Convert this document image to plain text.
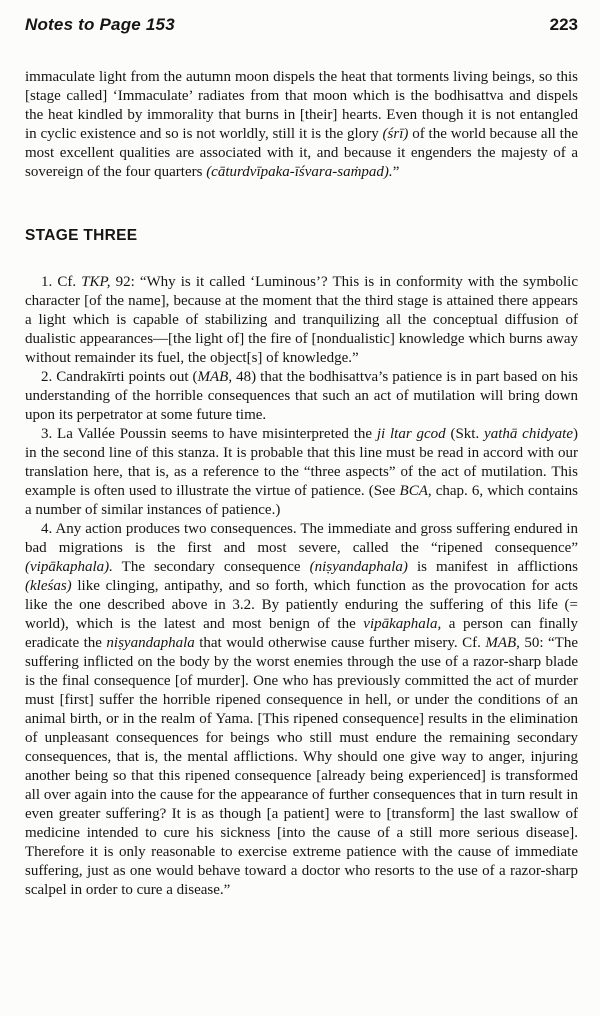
Notes to Page 153	223

immaculate light from the autumn moon dispels the heat that torments living beings, so this [stage called] ‘Immaculate’ radiates from that moon which is the bodhisattva and dispels the heat kindled by immorality that burns in [their] hearts. Even though it is not entangled in cyclic existence and so is not worldly, still it is the glory (śrī) of the world because all the most excellent qualities are associated with it, and because it engenders the majesty of a sovereign of the four quarters (cāturdvīpaka-īśvara-saṁpad).”

STAGE THREE

1. Cf. TKP, 92: “Why is it called ‘Luminous’? This is in conformity with the symbolic character [of the name], because at the moment that the third stage is attained there appears a light which is capable of stabilizing and tranquilizing all the conceptual diffusion of dualistic appearances—[the light of] the fire of [nondualistic] knowledge which burns away without remainder its fuel, the object[s] of knowledge.”

2. Candrakīrti points out (MAB, 48) that the bodhisattva’s patience is in part based on his understanding of the horrible consequences that such an act of mutilation will bring down upon its perpetrator at some future time.

3. La Vallée Poussin seems to have misinterpreted the ji ltar gcod (Skt. yathā chidyate) in the second line of this stanza. It is probable that this line must be read in accord with our translation here, that is, as a reference to the “three aspects” of the act of mutilation. This example is often used to illustrate the virtue of patience. (See BCA, chap. 6, which contains a number of similar instances of patience.)

4. Any action produces two consequences. The immediate and gross suffering endured in bad migrations is the first and most severe, called the “ripened consequence” (vipākaphala). The secondary consequence (niṣyandaphala) is manifest in afflictions (kleśas) like clinging, antipathy, and so forth, which function as the provocation for acts like the one described above in 3.2. By patiently enduring the suffering of this life (= world), which is the latest and most benign of the vipākaphala, a person can finally eradicate the niṣyandaphala that would otherwise cause further misery. Cf. MAB, 50: “The suffering inflicted on the body by the worst enemies through the use of a razor-sharp blade is the final consequence [of murder]. One who has previously committed the act of murder must [first] suffer the horrible ripened consequence in hell, or under the conditions of an animal birth, or in the realm of Yama. [This ripened consequence] results in the elimination of unpleasant consequences for beings who still must endure the remaining secondary consequences, that is, the mental afflictions. Why should one give way to anger, injuring another being so that this ripened consequence [already being experienced] is transformed all over again into the cause for the appearance of further consequences that in turn result in even greater suffering? It is as though [a patient] were to [transform] the last swallow of medicine intended to cure his sickness [into the cause of a still more serious disease]. Therefore it is only reasonable to exercise extreme patience with the cause of immediate suffering, just as one would behave toward a doctor who resorts to the use of a razor-sharp scalpel in order to cure a disease.”
